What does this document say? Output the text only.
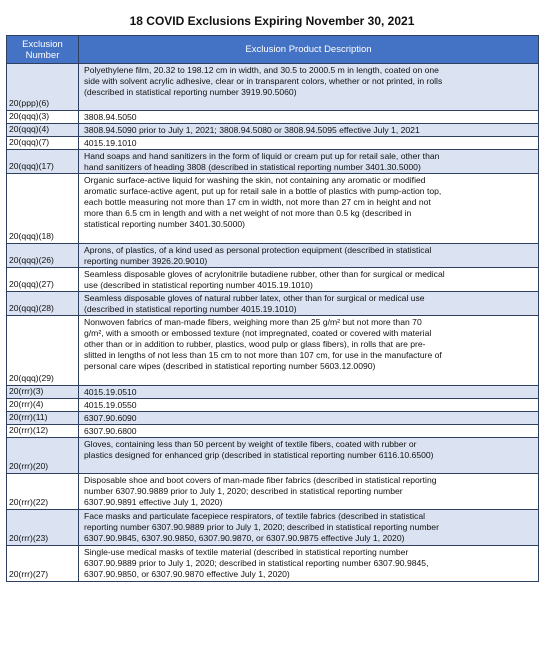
18 COVID Exclusions Expiring November 30, 2021
Exclusion
Number	Exclusion Product Description
20(ppp)(6)	Polyethylene film, 20.32 to 198.12 cm in width, and 30.5 to 2000.5 m in length, coated on one
side with solvent acrylic adhesive, clear or in transparent colors, whether or not printed, in rolls
(described in statistical reporting number 3919.90.5060)

20(qqq)(3)	3808.94.5050

20(qqq)(4)	3808.94.5090 prior to July 1, 2021; 3808.94.5080 or 3808.94.5095 effective July 1, 2021

20(qqq)(7)	4015.19.1010

20(qqq)(17)	Hand soaps and hand sanitizers in the form of liquid or cream put up for retail sale, other than
hand sanitizers of heading 3808 (described in statistical reporting number 3401.30.5000)

20(qqq)(18)	Organic surface-active liquid for washing the skin, not containing any aromatic or modified
aromatic surface-active agent, put up for retail sale in a bottle of plastics with pump-action top,
each bottle measuring not more than 17 cm in width, not more than 27 cm in height and not
more than 6.5 cm in length and with a net weight of not more than 0.5 kg (described in
statistical reporting number 3401.30.5000)

20(qqq)(26)	Aprons, of plastics, of a kind used as personal protection equipment (described in statistical
reporting number 3926.20.9010)

20(qqq)(27)	Seamless disposable gloves of acrylonitrile butadiene rubber, other than for surgical or medical
use (described in statistical reporting number 4015.19.1010)

20(qqq)(28)	Seamless disposable gloves of natural rubber latex, other than for surgical or medical use
(described in statistical reporting number 4015.19.1010)

20(qqq)(29)	Nonwoven fabrics of man-made fibers, weighing more than 25 g/m² but not more than 70
g/m², with a smooth or embossed texture (not impregnated, coated or covered with material
other than or in addition to rubber, plastics, wood pulp or glass fibers), in rolls that are pre-
slitted in lengths of not less than 15 cm to not more than 107 cm, for use in the manufacture of
personal care wipes (described in statistical reporting number 5603.12.0090)

20(rrr)(3)	4015.19.0510

20(rrr)(4)	4015.19.0550

20(rrr)(11)	6307.90.6090

20(rrr)(12)	6307.90.6800

20(rrr)(20)	Gloves, containing less than 50 percent by weight of textile fibers, coated with rubber or
plastics designed for enhanced grip (described in statistical reporting number 6116.10.6500)

20(rrr)(22)	Disposable shoe and boot covers of man-made fiber fabrics (described in statistical reporting
number 6307.90.9889 prior to July 1, 2020; described in statistical reporting number
6307.90.9891 effective July 1, 2020)

20(rrr)(23)	Face masks and particulate facepiece respirators, of textile fabrics (described in statistical
reporting number 6307.90.9889 prior to July 1, 2020; described in statistical reporting number
6307.90.9845, 6307.90.9850, 6307.90.9870, or 6307.90.9875 effective July 1, 2020)

20(rrr)(27)	Single-use medical masks of textile material (described in statistical reporting number
6307.90.9889 prior to July 1, 2020; described in statistical reporting number 6307.90.9845,
6307.90.9850, or 6307.90.9870 effective July 1, 2020)
